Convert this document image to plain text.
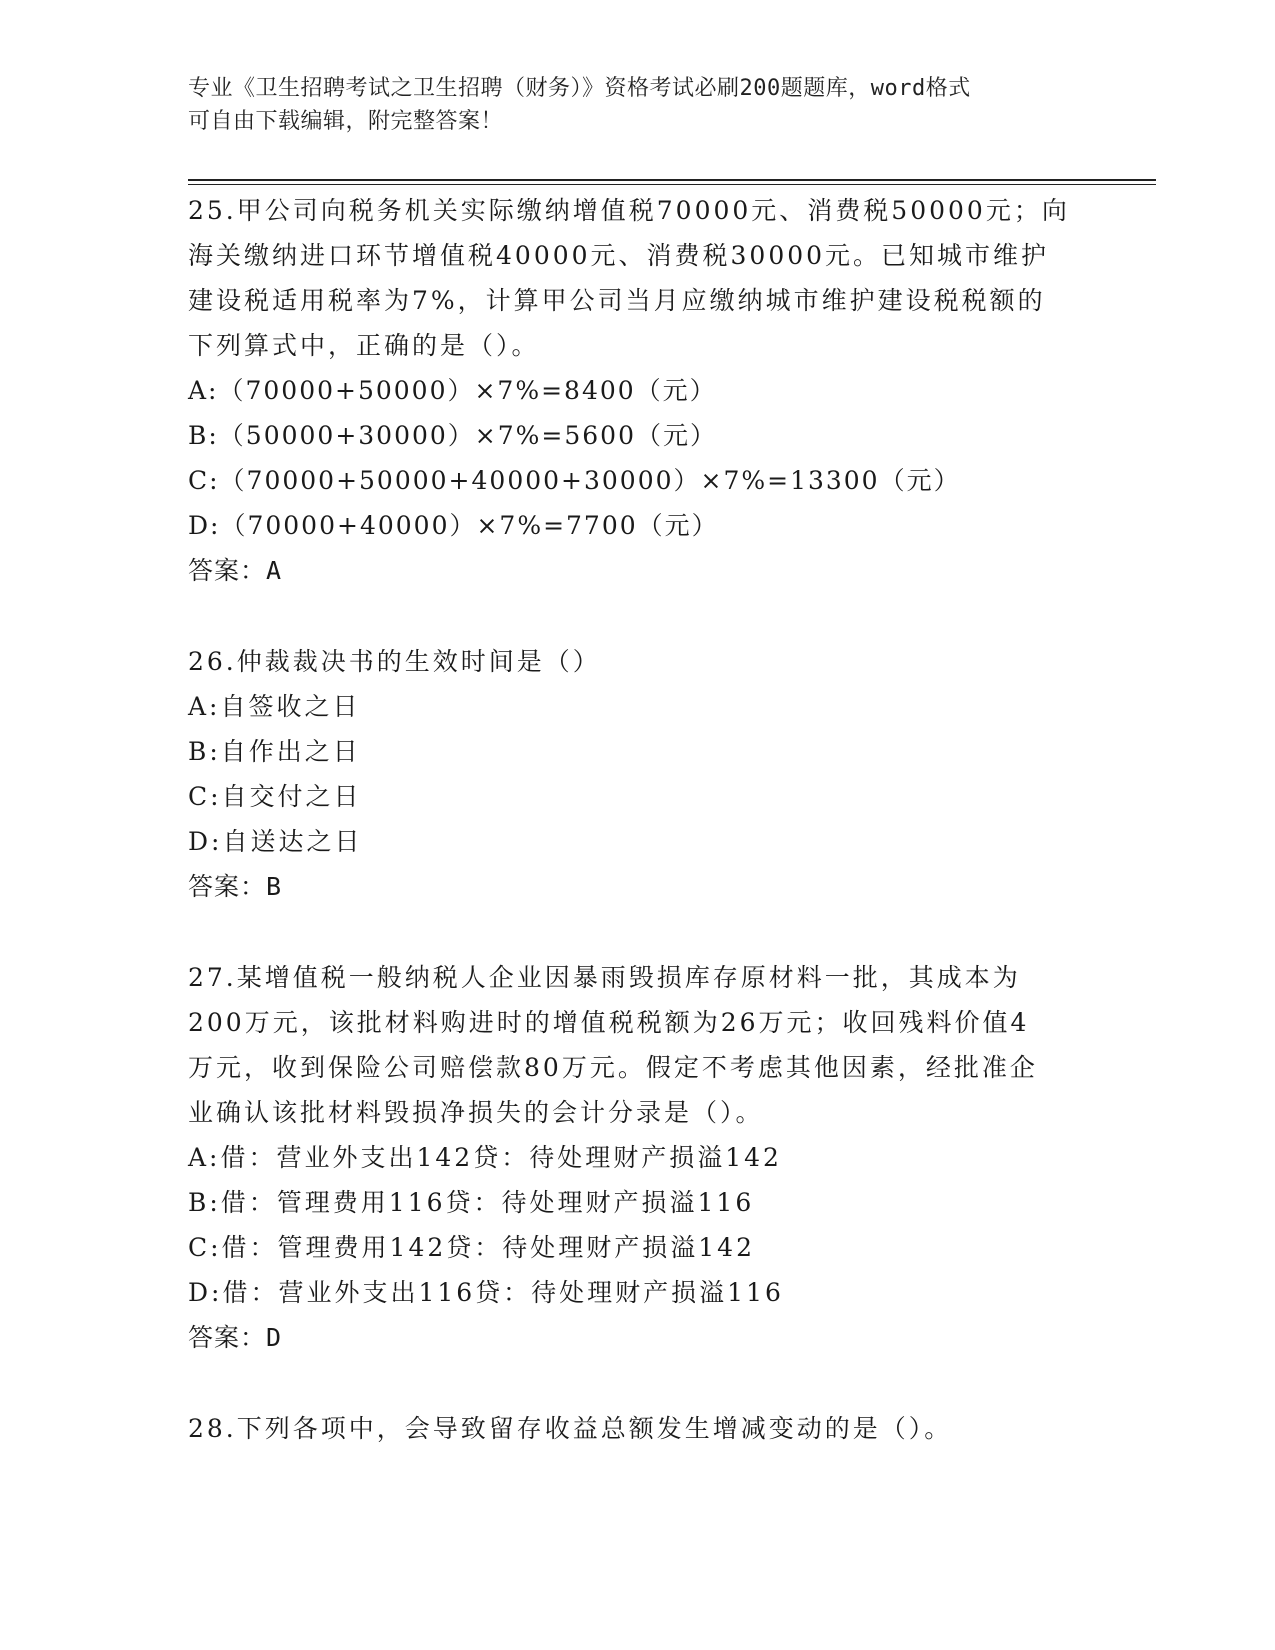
专业《卫生招聘考试之卫生招聘（财务）》资格考试必刷200题题库，word格式
可自由下载编辑，附完整答案！
25.甲公司向税务机关实际缴纳增值税70000元、消费税50000元；向
海关缴纳进口环节增值税40000元、消费税30000元。已知城市维护
建设税适用税率为7%，计算甲公司当月应缴纳城市维护建设税税额的
下列算式中，正确的是（）。
A:（70000+50000）×7%=8400（元）
B:（50000+30000）×7%=5600（元）
C:（70000+50000+40000+30000）×7%=13300（元）
D:（70000+40000）×7%=7700（元）
答案：A
26.仲裁裁决书的生效时间是（）
A:自签收之日
B:自作出之日
C:自交付之日
D:自送达之日
答案：B
27.某增值税一般纳税人企业因暴雨毁损库存原材料一批，其成本为
200万元，该批材料购进时的增值税税额为26万元；收回残料价值4
万元，收到保险公司赔偿款80万元。假定不考虑其他因素，经批准企
业确认该批材料毁损净损失的会计分录是（）。
A:借：营业外支出142贷：待处理财产损溢142
B:借：管理费用116贷：待处理财产损溢116
C:借：管理费用142贷：待处理财产损溢142
D:借：营业外支出116贷：待处理财产损溢116
答案：D
28.下列各项中，会导致留存收益总额发生增减变动的是（）。
